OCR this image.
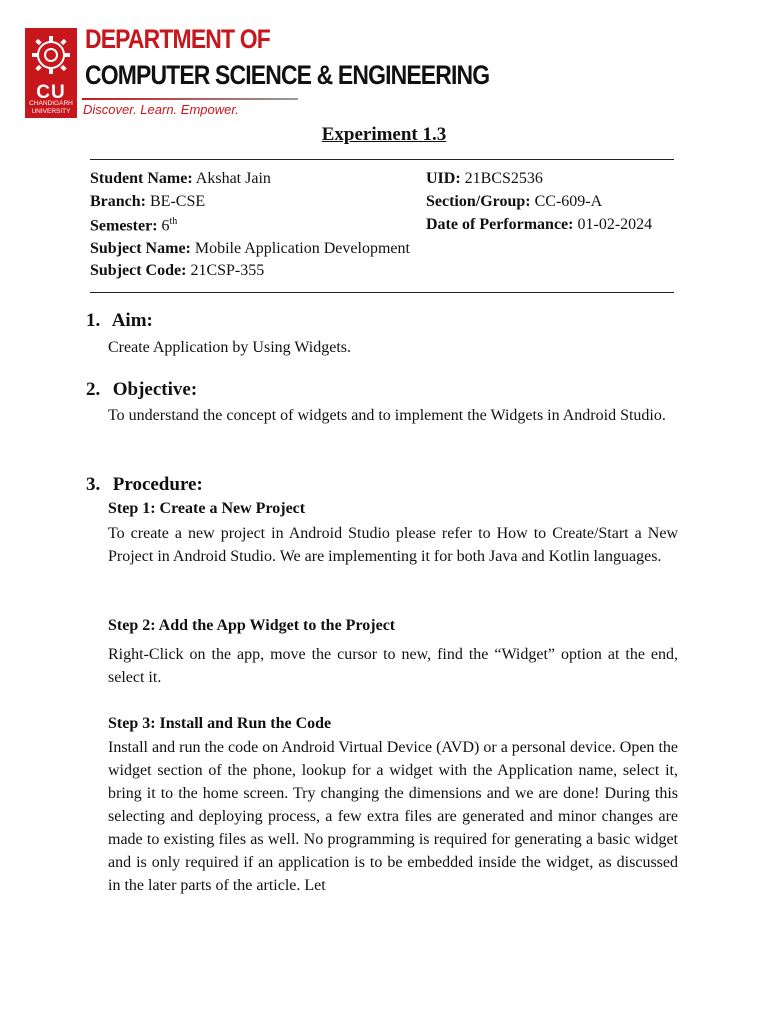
CU
CHANDIGARH UNIVERSITY
DEPARTMENT OF
COMPUTER SCIENCE & ENGINEERING
Discover. Learn. Empower.
Experiment 1.3
Student Name: Akshat Jain	UID: 21BCS2536
Branch: BE-CSE	Section/Group: CC-609-A
Semester: 6th	Date of Performance: 01-02-2024
Subject Name: Mobile Application Development
Subject Code: 21CSP-355
1. Aim:
Create Application by Using Widgets.
2. Objective:
To understand the concept of widgets and to implement the Widgets in Android Studio.
3. Procedure:
Step 1: Create a New Project
To create a new project in Android Studio please refer to How to Create/Start a New Project in Android Studio. We are implementing it for both Java and Kotlin languages.
Step 2: Add the App Widget to the Project
Right-Click on the app, move the cursor to new, find the “Widget” option at the end, select it.
Step 3: Install and Run the Code
Install and run the code on Android Virtual Device (AVD) or a personal device. Open the widget section of the phone, lookup for a widget with the Application name, select it, bring it to the home screen. Try changing the dimensions and we are done! During this selecting and deploying process, a few extra files are generated and minor changes are made to existing files as well. No programming is required for generating a basic widget and is only required if an application is to be embedded inside the widget, as discussed in the later parts of the article. Let
